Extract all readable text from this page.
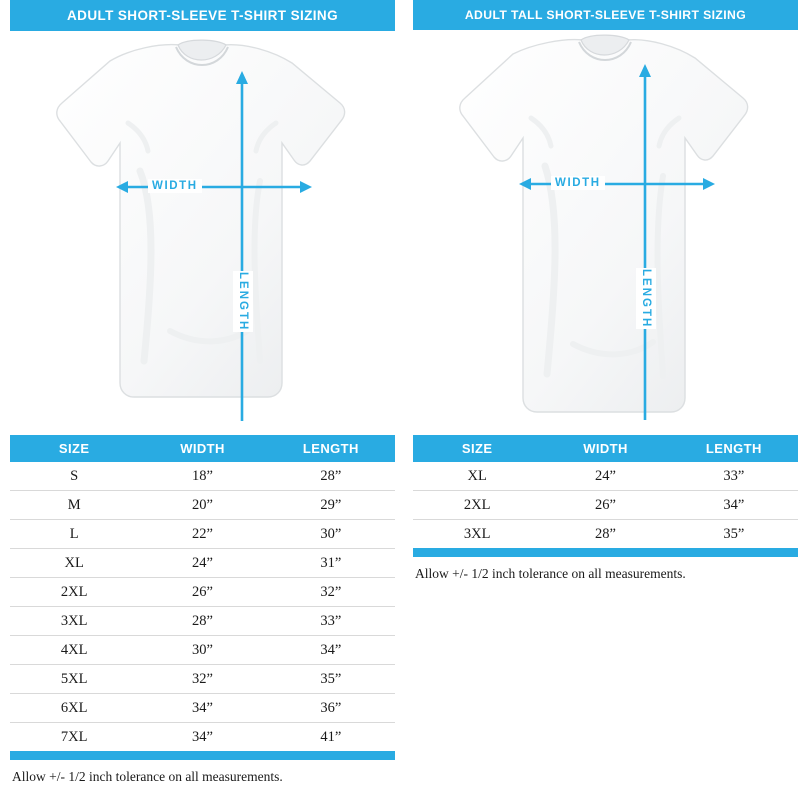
ADULT SHORT-SLEEVE T-SHIRT SIZING
WIDTH
LENGTH
SIZE	WIDTH	LENGTH
S	18”	28”
M	20”	29”
L	22”	30”
XL	24”	31”
2XL	26”	32”
3XL	28”	33”
4XL	30”	34”
5XL	32”	35”
6XL	34”	36”
7XL	34”	41”
Allow +/- 1/2 inch tolerance on all measurements.
ADULT TALL SHORT-SLEEVE T-SHIRT SIZING
WIDTH
LENGTH
SIZE	WIDTH	LENGTH
XL	24”	33”
2XL	26”	34”
3XL	28”	35”
Allow +/- 1/2 inch tolerance on all measurements.
